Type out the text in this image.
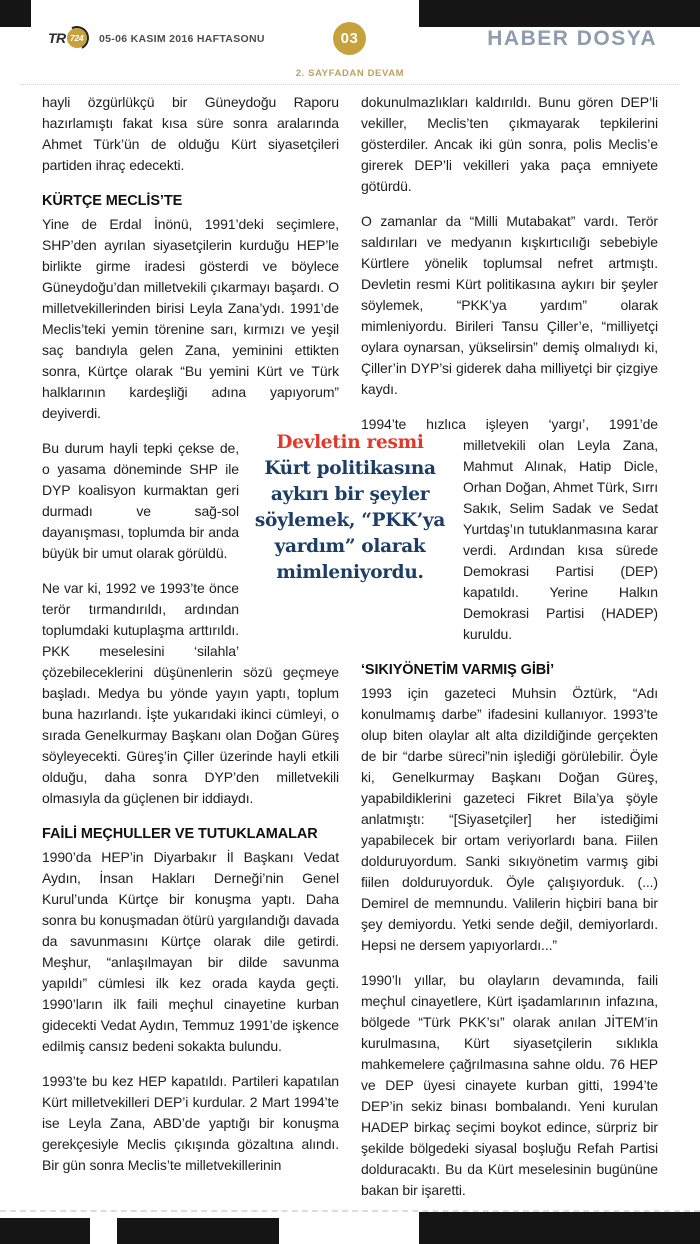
TR 724 05-06 KASIM 2016 HAFTASONU	03
2. SAYFADAN DEVAM
HABER DOSYA

hayli özgürlükçü bir Güneydoğu Raporu hazırlamıştı fakat kısa süre sonra aralarında Ahmet Türk’ün de olduğu Kürt siyasetçileri partiden ihraç edecekti.

KÜRTÇE MECLİS’TE

Yine de Erdal İnönü, 1991’deki seçimlere, SHP’den ayrılan siyasetçilerin kurduğu HEP’le birlikte girme iradesi gösterdi ve böylece Güneydoğu’dan milletvekili çıkarmayı başardı. O milletvekillerinden birisi Leyla Zana’ydı. 1991’de Meclis’teki yemin törenine sarı, kırmızı ve yeşil saç bandıyla gelen Zana, yeminini ettikten sonra, Kürtçe olarak “Bu yemini Kürt ve Türk halklarının kardeşliği adına yapıyorum” deyiverdi.

Bu durum hayli tepki çekse de, o yasama döneminde SHP ile DYP koalisyon kurmaktan geri durmadı ve sağ-sol dayanışması, toplumda bir anda büyük bir umut olarak görüldü.

Ne var ki, 1992 ve 1993’te önce terör tırmandırıldı, ardından toplumdaki kutuplaşma arttırıldı. PKK meselesini ‘silahla’ çözebileceklerini düşünenlerin sözü geçmeye başladı. Medya bu yönde yayın yaptı, toplum buna hazırlandı. İşte yukarıdaki ikinci cümleyi, o sırada Genelkurmay Başkanı olan Doğan Güreş söyleyecekti. Güreş’in Çiller üzerinde hayli etkili olduğu, daha sonra DYP’den milletvekili olmasıyla da güçlenen bir iddiaydı.

FAİLİ MEÇHULLER VE TUTUKLAMALAR

1990’da HEP’in Diyarbakır İl Başkanı Vedat Aydın, İnsan Hakları Derneği’nin Genel Kurul’unda Kürtçe bir konuşma yaptı. Daha sonra bu konuşmadan ötürü yargılandığı davada da savunmasını Kürtçe olarak dile getirdi. Meşhur, “anlaşılmayan bir dilde savunma yapıldı” cümlesi ilk kez orada kayda geçti. 1990’ların ilk faili meçhul cinayetine kurban gidecekti Vedat Aydın, Temmuz 1991’de işkence edilmiş cansız bedeni sokakta bulundu.

1993’te bu kez HEP kapatıldı. Partileri kapatılan Kürt milletvekilleri DEP’i kurdular. 2 Mart 1994’te ise Leyla Zana, ABD’de yaptığı bir konuşma gerekçesiyle Meclis çıkışında gözaltına alındı. Bir gün sonra Meclis’te milletvekillerinin

dokunulmazlıkları kaldırıldı. Bunu gören DEP’li vekiller, Meclis’ten çıkmayarak tepkilerini gösterdiler. Ancak iki gün sonra, polis Meclis’e girerek DEP’li vekilleri yaka paça emniyete götürdü.

O zamanlar da “Milli Mutabakat” vardı. Terör saldırıları ve medyanın kışkırtıcılığı sebebiyle Kürtlere yönelik toplumsal nefret artmıştı. Devletin resmi Kürt politikasına aykırı bir şeyler söylemek, “PKK’ya yardım” olarak mimleniyordu. Birileri Tansu Çiller’e, “milliyetçi oylara oynarsan, yükselirsin” demiş olmalıydı ki, Çiller’in DYP’si giderek daha milliyetçi bir çizgiye kaydı.

1994’te hızlıca işleyen ‘yargı’, 1991’de milletvekili
olan Leyla Zana, Mahmut Alınak, Hatip Dicle, Orhan Doğan, Ahmet Türk, Sırrı Sakık, Selim Sadak ve Sedat Yurtdaş’ın tutuklanmasına karar verdi. Ardından kısa sürede Demokrasi Partisi (DEP) kapatıldı. Yerine Halkın Demokrasi Partisi (HADEP) kuruldu.

‘SIKIYÖNETİM VARMIŞ GİBİ’

1993 için gazeteci Muhsin Öztürk, “Adı konulmamış darbe” ifadesini kullanıyor. 1993’te olup biten olaylar alt alta dizildiğinde gerçekten de bir “darbe süreci”nin işlediği görülebilir. Öyle ki, Genelkurmay Başkanı Doğan Güreş, yapabildiklerini gazeteci Fikret Bila’ya şöyle anlatmıştı: “[Siyasetçiler] her istediğimi yapabilecek bir ortam veriyorlardı bana. Fiilen dolduruyordum. Sanki sıkıyönetim varmış gibi fiilen dolduruyorduk. Öyle çalışıyorduk. (...) Demirel de memnundu. Valilerin hiçbiri bana bir şey demiyordu. Yetki sende değil, demiyorlardı. Hepsi ne dersem yapıyorlardı...”

1990’lı yıllar, bu olayların devamında, faili meçhul cinayetlere, Kürt işadamlarının infazına, bölgede “Türk PKK’sı” olarak anılan JİTEM’in kurulmasına, Kürt siyasetçilerin sıklıkla mahkemelere çağrılmasına sahne oldu. 76 HEP ve DEP üyesi cinayete kurban gitti, 1994’te DEP’in sekiz binası bombalandı. Yeni kurulan HADEP birkaç seçimi boykot edince, sürpriz bir şekilde bölgedeki siyasal boşluğu Refah Partisi dolduracaktı. Bu da Kürt meselesinin bugününe bakan bir işaretti.

Devletin resmi
Kürt politikasına aykırı bir şeyler söylemek, “PKK’ya yardım” olarak mimleniyordu.
